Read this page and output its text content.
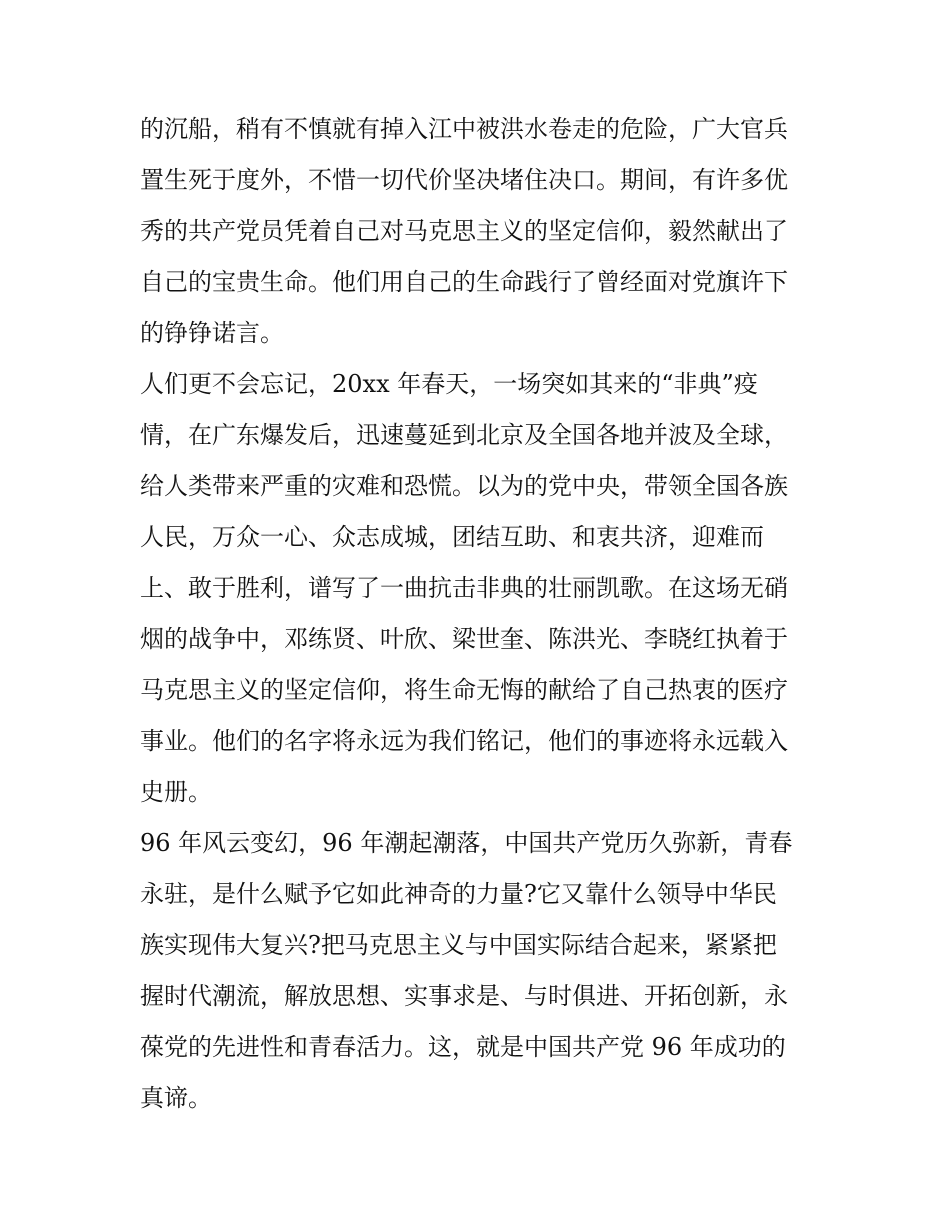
的沉船，稍有不慎就有掉入江中被洪水卷走的危险，广大官兵
置生死于度外，不惜一切代价坚决堵住决口。期间，有许多优
秀的共产党员凭着自己对马克思主义的坚定信仰，毅然献出了
自己的宝贵生命。他们用自己的生命践行了曾经面对党旗许下
的铮铮诺言。
人们更不会忘记，20xx 年春天，一场突如其来的“非典”疫
情，在广东爆发后，迅速蔓延到北京及全国各地并波及全球，
给人类带来严重的灾难和恐慌。以为的党中央，带领全国各族
人民，万众一心、众志成城，团结互助、和衷共济，迎难而
上、敢于胜利，谱写了一曲抗击非典的壮丽凯歌。在这场无硝
烟的战争中，邓练贤、叶欣、梁世奎、陈洪光、李晓红执着于
马克思主义的坚定信仰，将生命无悔的献给了自己热衷的医疗
事业。他们的名字将永远为我们铭记，他们的事迹将永远载入
史册。
96 年风云变幻，96 年潮起潮落，中国共产党历久弥新，青春
永驻，是什么赋予它如此神奇的力量?它又靠什么领导中华民
族实现伟大复兴?把马克思主义与中国实际结合起来，紧紧把
握时代潮流，解放思想、实事求是、与时俱进、开拓创新，永
葆党的先进性和青春活力。这，就是中国共产党 96 年成功的
真谛。
